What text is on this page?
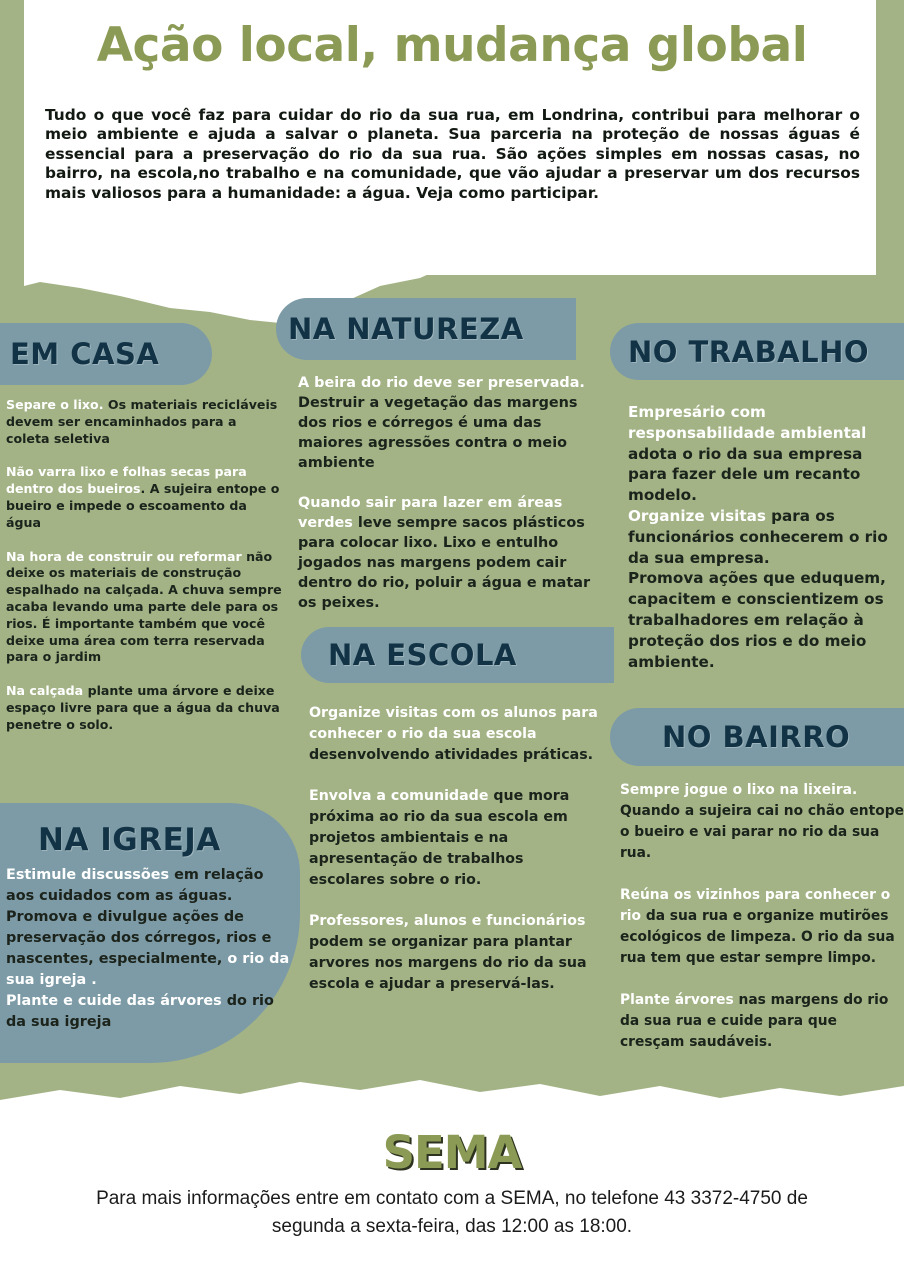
Ação local, mudança global

Tudo o que você faz para cuidar do rio da sua rua, em Londrina, contribui para melhorar o meio ambiente e ajuda a salvar o planeta. Sua parceria na proteção de nossas águas é essencial para a preservação do rio da sua rua. São ações simples em nossas casas, no bairro, na escola,no trabalho e na comunidade, que vão ajudar a preservar um dos recursos mais valiosos para a humanidade: a água. Veja como participar.

EM CASA
NA NATUREZA
NO TRABALHO
NA ESCOLA
NO BAIRRO
NA IGREJA

Separe o lixo. Os materiais recicláveis devem ser encaminhados para a coleta seletiva

Não varra lixo e folhas secas para dentro dos bueiros. A sujeira entope o bueiro e impede o escoamento da água

Na hora de construir ou reformar não deixe os materiais de construção espalhado na calçada. A chuva sempre acaba levando uma parte dele para os rios. É importante também que você deixe uma área com terra reservada para o jardim

Na calçada plante uma árvore e deixe espaço livre para que a água da chuva penetre o solo.

A beira do rio deve ser preservada. Destruir a vegetação das margens dos rios e córregos é uma das maiores agressões contra o meio ambiente

Quando sair para lazer em áreas verdes leve sempre sacos plásticos para colocar lixo. Lixo e entulho jogados nas margens podem cair dentro do rio, poluir a água e matar os peixes.

Organize visitas com os alunos para conhecer o rio da sua escola desenvolvendo atividades práticas.

Envolva a comunidade que mora próxima ao rio da sua escola em projetos ambientais e na apresentação de trabalhos escolares sobre o rio.

Professores, alunos e funcionários podem se organizar para plantar arvores nos margens do rio da sua escola e ajudar a preservá-las.

Empresário com responsabilidade ambiental adota o rio da sua empresa para fazer dele um recanto modelo.

Organize visitas para os funcionários conhecerem o rio da sua empresa.

Promova ações que eduquem, capacitem e conscientizem os trabalhadores em relação à proteção dos rios e do meio ambiente.

Sempre jogue o lixo na lixeira. Quando a sujeira cai no chão entope o bueiro e vai parar no rio da sua rua.

Reúna os vizinhos para conhecer o rio da sua rua e organize mutirões ecológicos de limpeza. O rio da sua rua tem que estar sempre limpo.

Plante árvores nas margens do rio da sua rua e cuide para que cresçam saudáveis.

Estimule discussões em relação aos cuidados com as águas.

Promova e divulgue ações de preservação dos córregos, rios e nascentes, especialmente, o rio da sua igreja .

Plante e cuide das árvores do rio da sua igreja

SEMA
Para mais informações entre em contato com a SEMA, no telefone 43 3372-4750 de segunda a sexta-feira, das 12:00 as 18:00.
